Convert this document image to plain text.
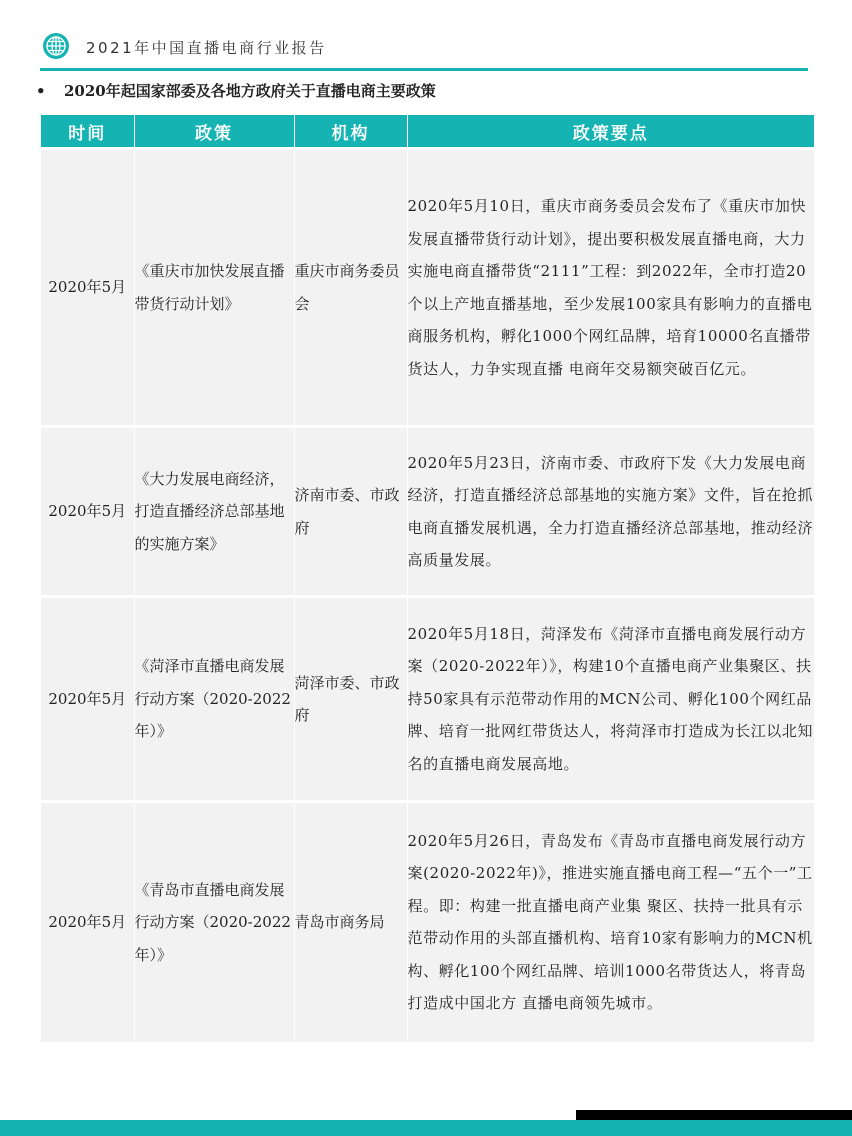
2021年中国直播电商行业报告
• 2020年起国家部委及各地方政府关于直播电商主要政策
时间	政策	机构	政策要点
2020年5月	《重庆市加快发展直播带货行动计划》	重庆市商务委员会	2020年5月10日，重庆市商务委员会发布了《重庆市加快发展直播带货行动计划》，提出要积极发展直播电商，大力实施电商直播带货“2111”工程：到2022年，全市打造20个以上产地直播基地，至少发展100家具有影响力的直播电商服务机构，孵化1000个网红品牌，培育10000名直播带货达人，力争实现直播 电商年交易额突破百亿元。
2020年5月	《大力发展电商经济，打造直播经济总部基地的实施方案》	济南市委、市政府	2020年5月23日，济南市委、市政府下发《大力发展电商经济，打造直播经济总部基地的实施方案》文件，旨在抢抓电商直播发展机遇，全力打造直播经济总部基地，推动经济高质量发展。
2020年5月	《菏泽市直播电商发展行动方案（2020-2022年）》	菏泽市委、市政府	2020年5月18日，菏泽发布《菏泽市直播电商发展行动方案（2020-2022年）》，构建10个直播电商产业集聚区、扶持50家具有示范带动作用的MCN公司、孵化100个网红品牌、培育一批网红带货达人，将菏泽市打造成为长江以北知名的直播电商发展高地。
2020年5月	《青岛市直播电商发展行动方案（2020-2022年）》	青岛市商务局	2020年5月26日，青岛发布《青岛市直播电商发展行动方案(2020-2022年)》，推进实施直播电商工程—“五个一”工程。即：构建一批直播电商产业集 聚区、扶持一批具有示范带动作用的头部直播机构、培育10家有影响力的MCN机构、孵化100个网红品牌、培训1000名带货达人，将青岛打造成中国北方 直播电商领先城市。
